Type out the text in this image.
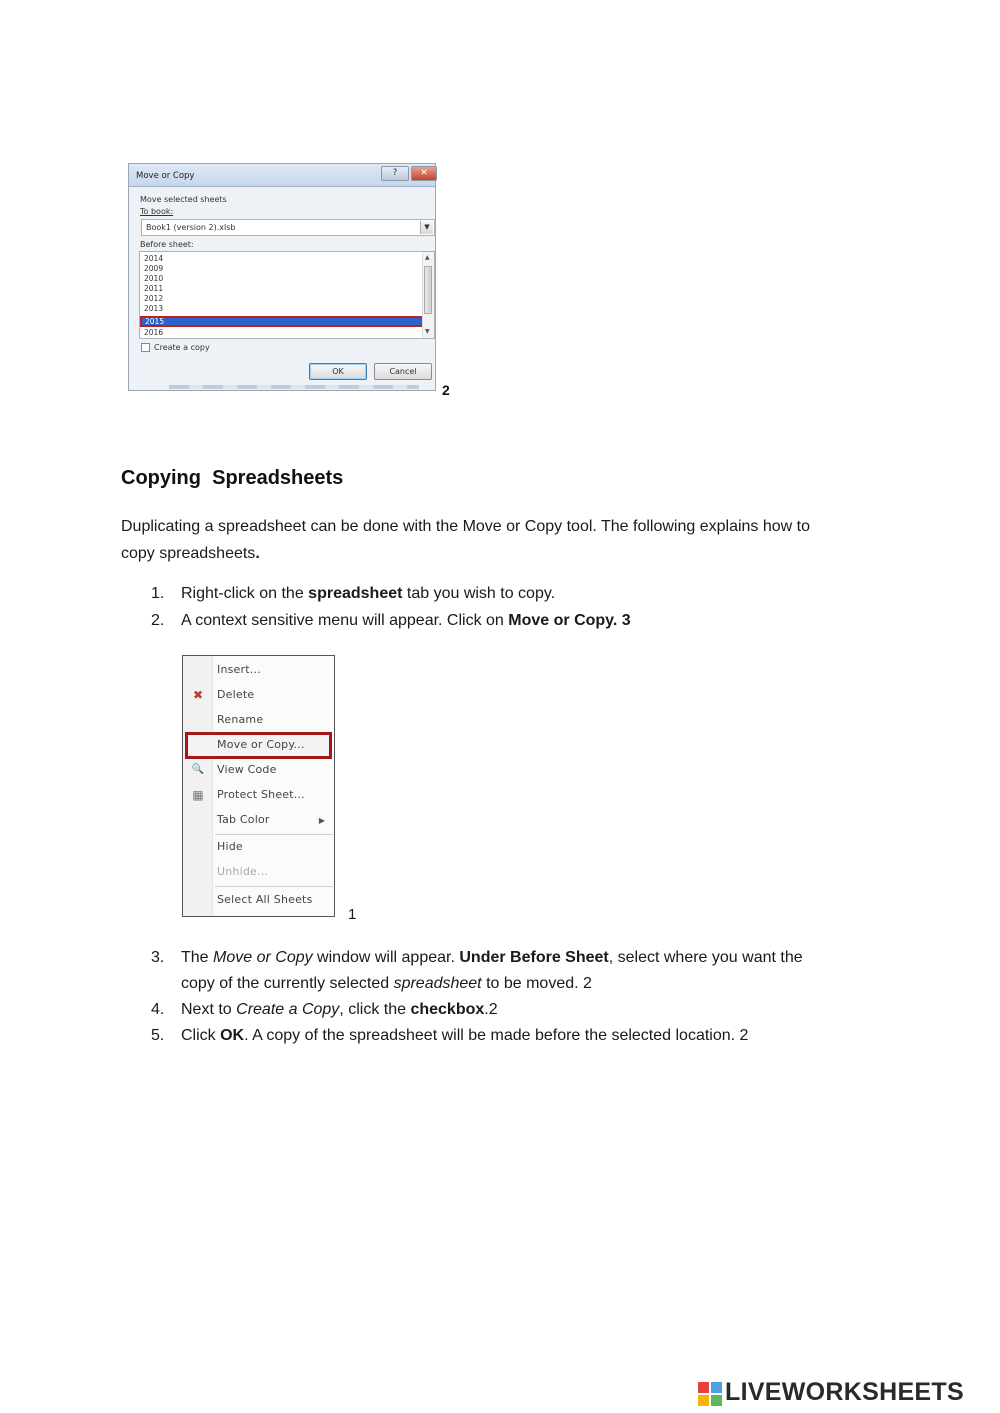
Move or Copy	?	✕
Move selected sheets
To book:
Book1 (version 2).xlsb	▼
Before sheet:
2014
2009
2010
2011
2012
2013
2015
2016
▲
▼
Create a copy
OK	Cancel
2
Copying  Spreadsheets
Duplicating a spreadsheet can be done with the Move or Copy tool. The following explains how to
copy spreadsheets.
1. Right-click on the spreadsheet tab you wish to copy.
2. A context sensitive menu will appear. Click on Move or Copy. 3
Insert...
✖ Delete
Rename
Move or Copy...
🔍 View Code
▦ Protect Sheet...
Tab Color	▶
Hide
Unhide...
Select All Sheets
1
3. The Move or Copy window will appear. Under Before Sheet, select where you want the
copy of the currently selected spreadsheet to be moved. 2
4. Next to Create a Copy, click the checkbox.2
5. Click OK. A copy of the spreadsheet will be made before the selected location. 2
LIVEWORKSHEETS
